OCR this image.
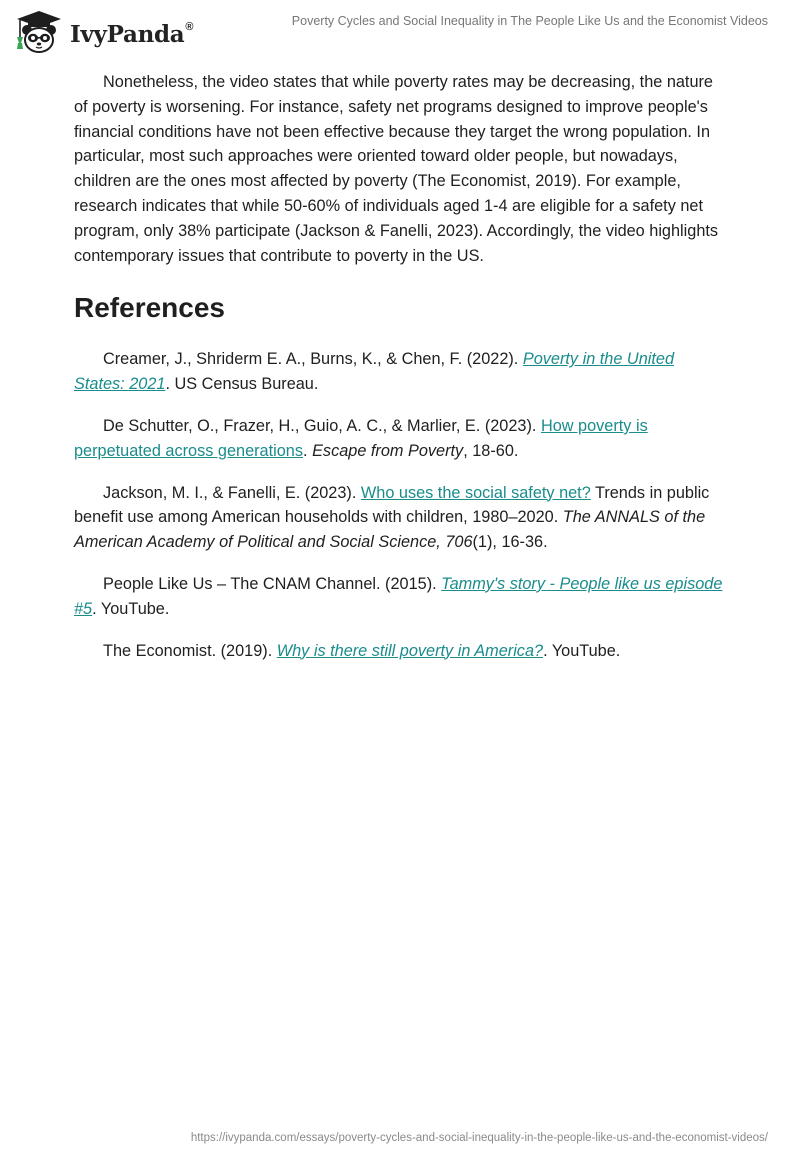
IvyPanda®	Poverty Cycles and Social Inequality in The People Like Us and the Economist Videos

Nonetheless, the video states that while poverty rates may be decreasing, the nature of poverty is worsening. For instance, safety net programs designed to improve people's financial conditions have not been effective because they target the wrong population. In particular, most such approaches were oriented toward older people, but nowadays, children are the ones most affected by poverty (The Economist, 2019). For example, research indicates that while 50-60% of individuals aged 1-4 are eligible for a safety net program, only 38% participate (Jackson & Fanelli, 2023). Accordingly, the video highlights contemporary issues that contribute to poverty in the US.

References

Creamer, J., Shriderm E. A., Burns, K., & Chen, F. (2022). Poverty in the United States: 2021. US Census Bureau.

De Schutter, O., Frazer, H., Guio, A. C., & Marlier, E. (2023). How poverty is perpetuated across generations. Escape from Poverty, 18-60.

Jackson, M. I., & Fanelli, E. (2023). Who uses the social safety net? Trends in public benefit use among American households with children, 1980–2020. The ANNALS of the American Academy of Political and Social Science, 706(1), 16-36.

People Like Us – The CNAM Channel. (2015). Tammy's story - People like us episode #5. YouTube.

The Economist. (2019). Why is there still poverty in America?. YouTube.

https://ivypanda.com/essays/poverty-cycles-and-social-inequality-in-the-people-like-us-and-the-economist-videos/
